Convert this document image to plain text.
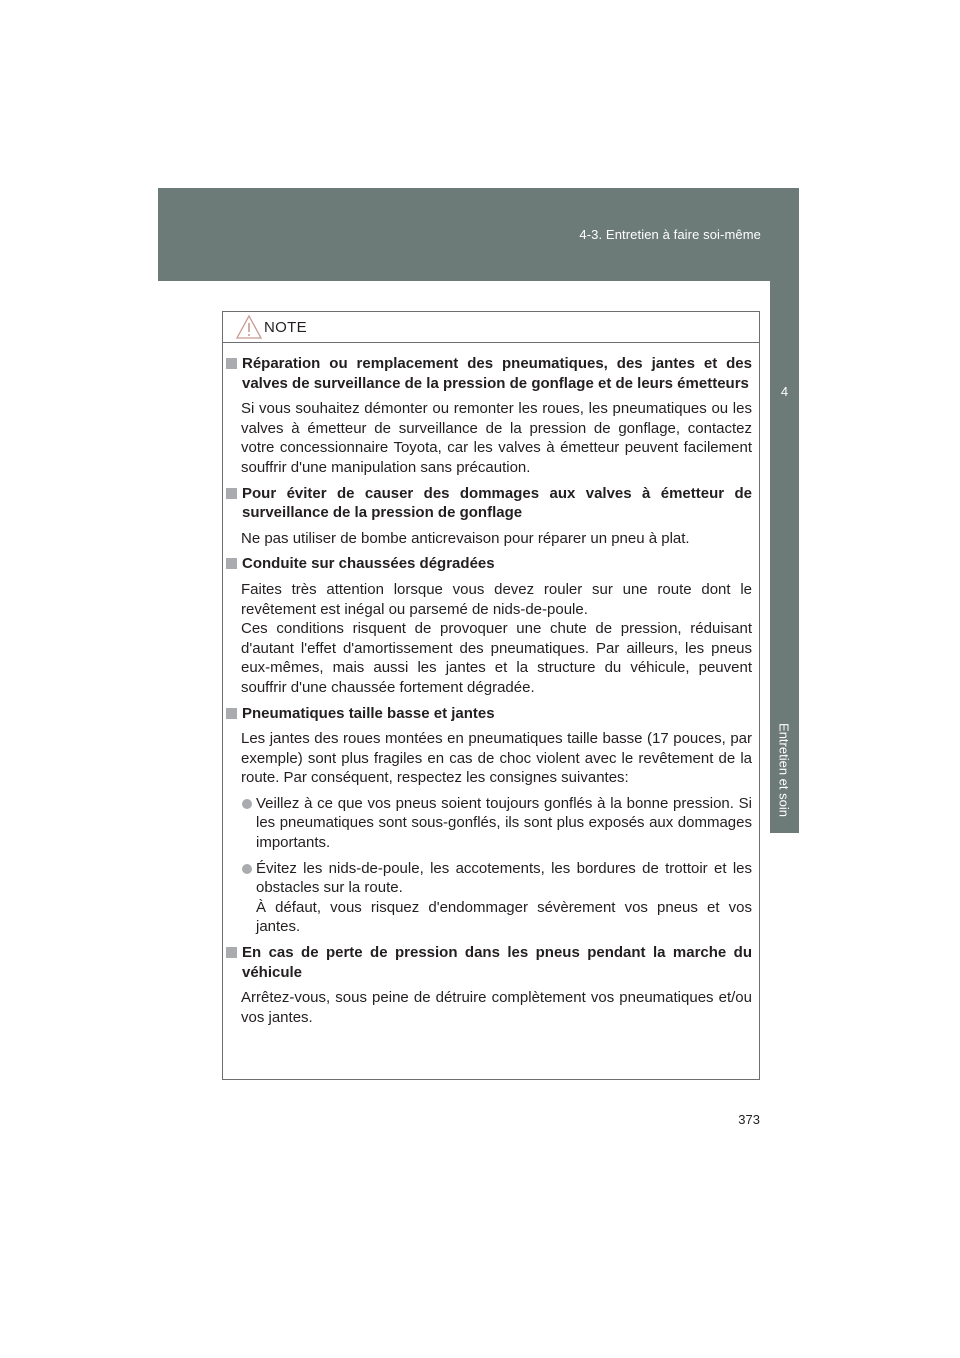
4-3. Entretien à faire soi-même
4
Entretien et soin
NOTE
Réparation ou remplacement des pneumatiques, des jantes et des valves de surveillance de la pression de gonflage et de leurs émetteurs
Si vous souhaitez démonter ou remonter les roues, les pneumatiques ou les valves à émetteur de surveillance de la pression de gonflage, contactez votre concessionnaire Toyota, car les valves à émetteur peuvent facilement souffrir d'une manipulation sans précaution.
Pour éviter de causer des dommages aux valves à émetteur de surveillance de la pression de gonflage
Ne pas utiliser de bombe anticrevaison pour réparer un pneu à plat.
Conduite sur chaussées dégradées
Faites très attention lorsque vous devez rouler sur une route dont le revêtement est inégal ou parsemé de nids-de-poule.
Ces conditions risquent de provoquer une chute de pression, réduisant d'autant l'effet d'amortissement des pneumatiques. Par ailleurs, les pneus eux-mêmes, mais aussi les jantes et la structure du véhicule, peuvent souffrir d'une chaussée fortement dégradée.
Pneumatiques taille basse et jantes
Les jantes des roues montées en pneumatiques taille basse (17 pouces, par exemple) sont plus fragiles en cas de choc violent avec le revêtement de la route. Par conséquent, respectez les consignes suivantes:
Veillez à ce que vos pneus soient toujours gonflés à la bonne pression. Si les pneumatiques sont sous-gonflés, ils sont plus exposés aux dommages importants.
Évitez les nids-de-poule, les accotements, les bordures de trottoir et les obstacles sur la route.
À défaut, vous risquez d'endommager sévèrement vos pneus et vos jantes.
En cas de perte de pression dans les pneus pendant la marche du véhicule
Arrêtez-vous, sous peine de détruire complètement vos pneumatiques et/ou vos jantes.
373
